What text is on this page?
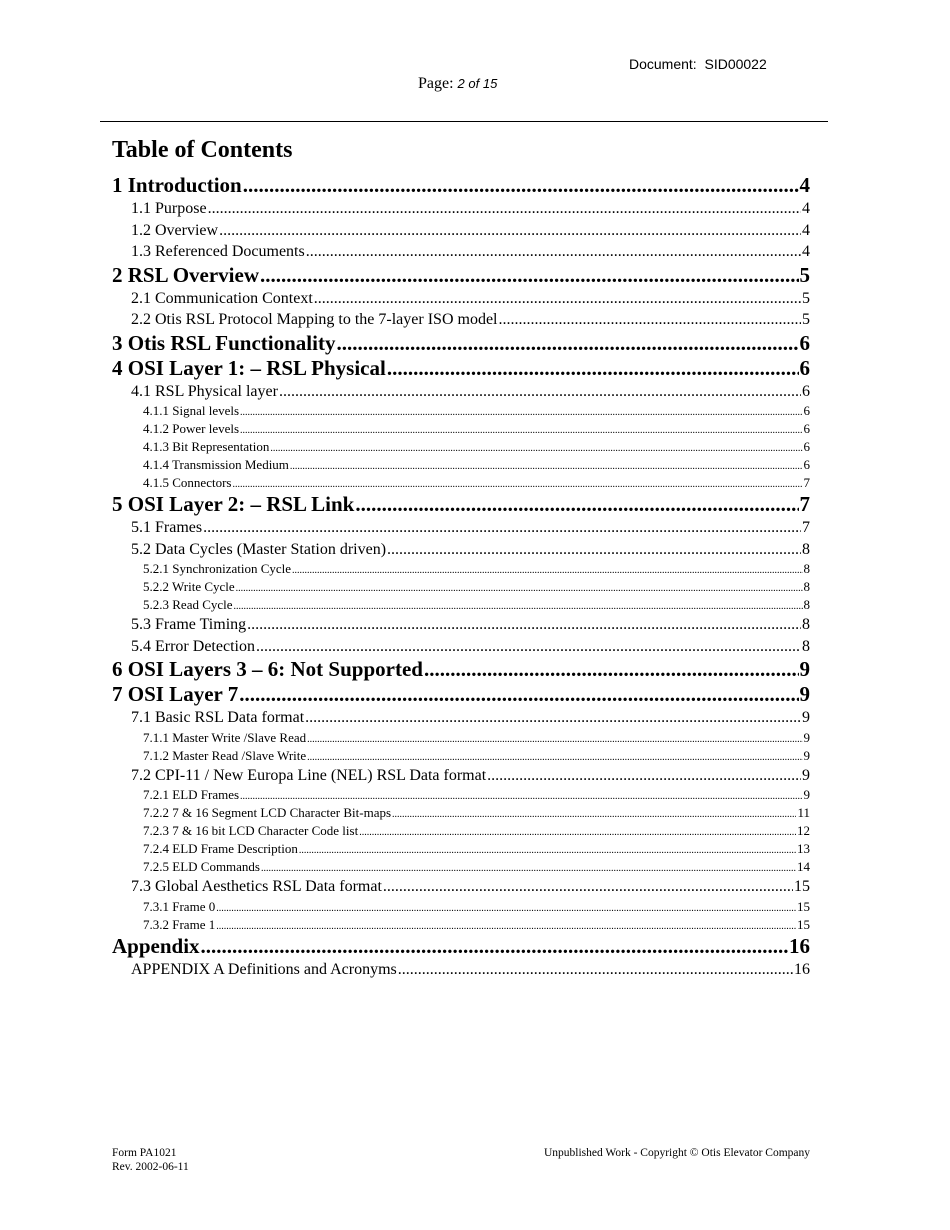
Document:  SID00022
Page: 2 of 15
Table of Contents
1 Introduction .....	4
1.1 Purpose .....	4
1.2 Overview .....	4
1.3 Referenced Documents .....	4
2 RSL Overview .....	5
2.1 Communication Context .....	5
2.2 Otis RSL Protocol Mapping to the 7-layer ISO model .....	5
3 Otis RSL Functionality .....	6
4 OSI Layer 1: – RSL Physical .....	6
4.1 RSL Physical layer .....	6
4.1.1 Signal levels .....	6
4.1.2 Power levels .....	6
4.1.3 Bit Representation .....	6
4.1.4 Transmission Medium .....	6
4.1.5 Connectors .....	7
5 OSI Layer 2: – RSL Link .....	7
5.1 Frames .....	7
5.2 Data Cycles (Master Station driven) .....	8
5.2.1 Synchronization Cycle .....	8
5.2.2 Write Cycle .....	8
5.2.3 Read Cycle .....	8
5.3 Frame Timing .....	8
5.4 Error Detection .....	8
6 OSI Layers 3 – 6: Not Supported .....	9
7 OSI Layer 7 .....	9
7.1 Basic RSL Data format .....	9
7.1.1 Master Write /Slave Read .....	9
7.1.2 Master Read /Slave Write .....	9
7.2 CPI-11 / New Europa Line (NEL) RSL Data format .....	9
7.2.1 ELD Frames .....	9
7.2.2 7 & 16 Segment LCD Character Bit-maps .....	11
7.2.3 7 & 16 bit LCD Character Code list .....	12
7.2.4 ELD Frame Description .....	13
7.2.5 ELD Commands .....	14
7.3 Global Aesthetics RSL Data format .....	15
7.3.1 Frame 0 .....	15
7.3.2 Frame 1 .....	15
Appendix .....	16
APPENDIX A Definitions and Acronyms .....	16
Form PA1021
Rev. 2002-06-11
Unpublished Work - Copyright © Otis Elevator Company
